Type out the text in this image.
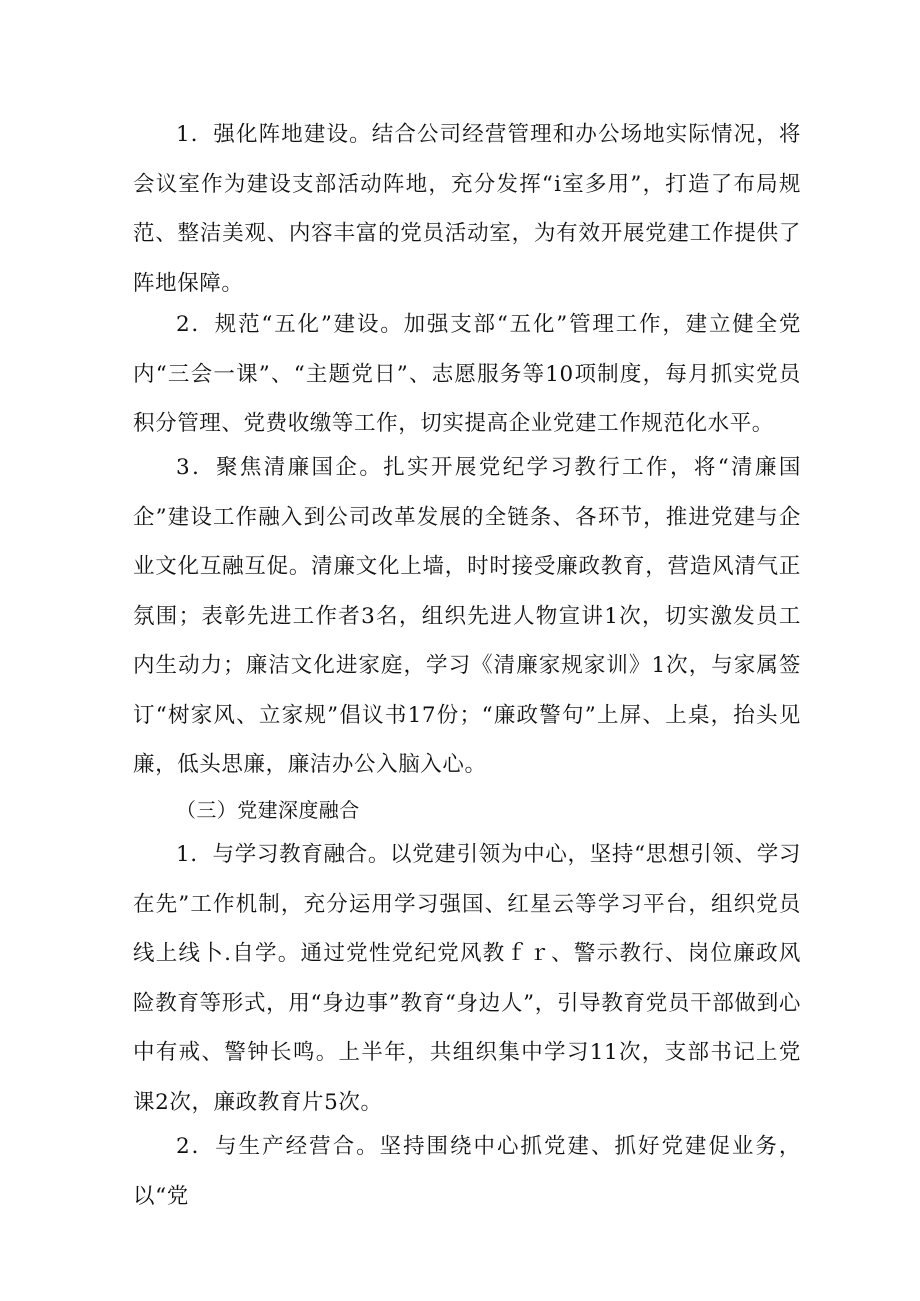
1．强化阵地建设。结合公司经营管理和办公场地实际情况，将会议室作为建设支部活动阵地，充分发挥“ⅰ室多用”，打造了布局规范、整洁美观、内容丰富的党员活动室，为有效开展党建工作提供了阵地保障。

2．规范“五化”建设。加强支部“五化”管理工作，建立健全党内“三会一课”、“主题党日”、志愿服务等10项制度，每月抓实党员积分管理、党费收缴等工作，切实提高企业党建工作规范化水平。

3．聚焦清廉国企。扎实开展党纪学习教行工作，将“清廉国企”建设工作融入到公司改革发展的全链条、各环节，推进党建与企业文化互融互促。清廉文化上墙，时时接受廉政教育，营造风清气正氛围；表彰先进工作者3名，组织先进人物宣讲1次，切实激发员工内生动力；廉洁文化进家庭，学习《清廉家规家训》1次，与家属签订“树家风、立家规”倡议书17份；“廉政警句”上屏、上桌，抬头见廉，低头思廉，廉洁办公入脑入心。

（三）党建深度融合

1．与学习教育融合。以党建引领为中心，坚持“思想引领、学习在先”工作机制，充分运用学习强国、红星云等学习平台，组织党员线上线卜.自学。通过党性党纪党风教ｆｒ、警示教行、岗位廉政风险教育等形式，用“身边事”教育“身边人”，引导教育党员干部做到心中有戒、警钟长鸣。上半年，共组织集中学习11次，支部书记上党课2次，廉政教育片5次。

2．与生产经营合。坚持围绕中心抓党建、抓好党建促业务，以“党
